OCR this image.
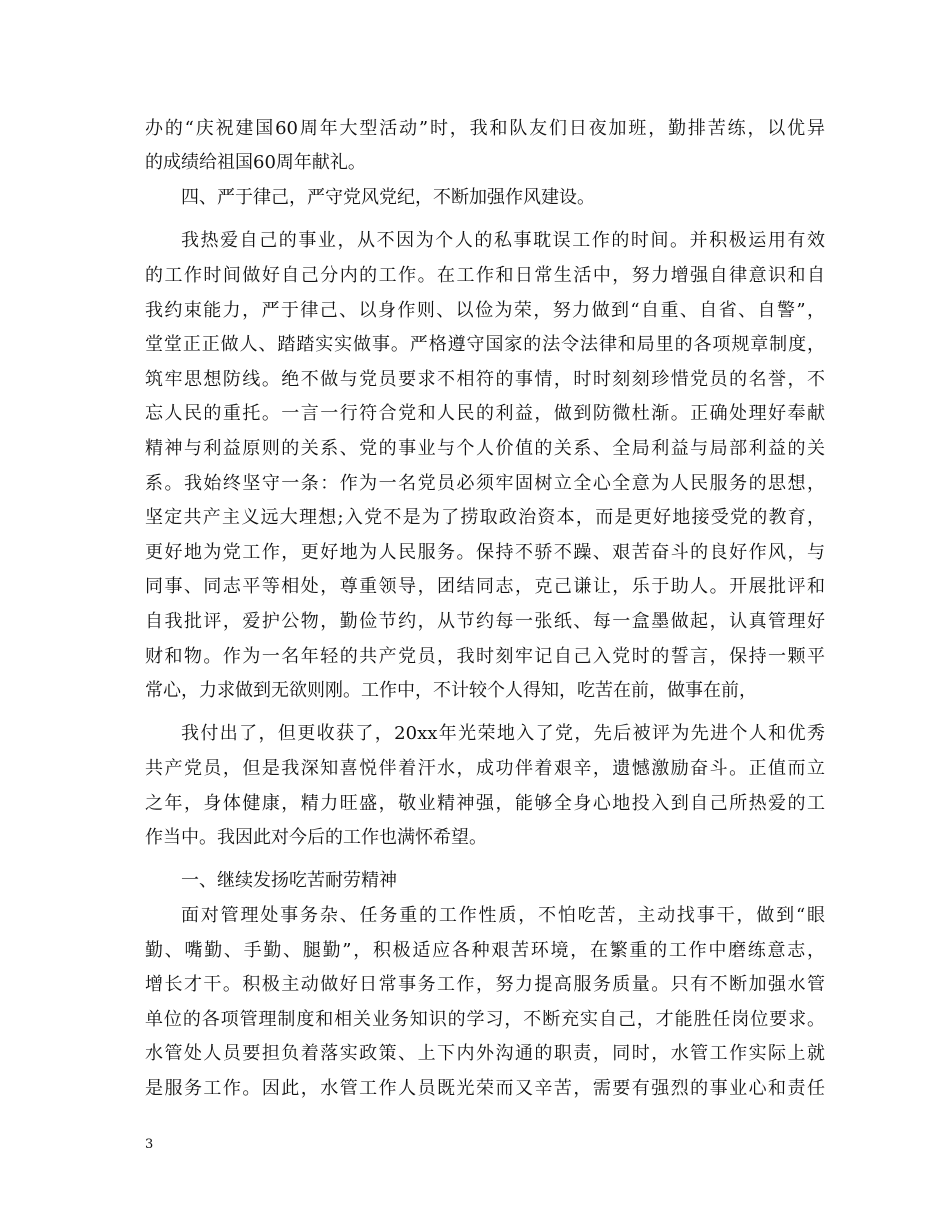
办的“庆祝建国60周年大型活动”时，我和队友们日夜加班，勤排苦练，以优异
的成绩给祖国60周年献礼。
四、严于律己，严守党风党纪，不断加强作风建设。
我热爱自己的事业，从不因为个人的私事耽误工作的时间。并积极运用有效
的工作时间做好自己分内的工作。在工作和日常生活中，努力增强自律意识和自
我约束能力，严于律己、以身作则、以俭为荣，努力做到“自重、自省、自警”，
堂堂正正做人、踏踏实实做事。严格遵守国家的法令法律和局里的各项规章制度，
筑牢思想防线。绝不做与党员要求不相符的事情，时时刻刻珍惜党员的名誉，不
忘人民的重托。一言一行符合党和人民的利益，做到防微杜渐。正确处理好奉献
精神与利益原则的关系、党的事业与个人价值的关系、全局利益与局部利益的关
系。我始终坚守一条：作为一名党员必须牢固树立全心全意为人民服务的思想，
坚定共产主义远大理想;入党不是为了捞取政治资本，而是更好地接受党的教育，
更好地为党工作，更好地为人民服务。保持不骄不躁、艰苦奋斗的良好作风，与
同事、同志平等相处，尊重领导，团结同志，克己谦让，乐于助人。开展批评和
自我批评，爱护公物，勤俭节约，从节约每一张纸、每一盒墨做起，认真管理好
财和物。作为一名年轻的共产党员，我时刻牢记自己入党时的誓言，保持一颗平
常心，力求做到无欲则刚。工作中，不计较个人得知，吃苦在前，做事在前，
我付出了，但更收获了，20xx年光荣地入了党，先后被评为先进个人和优秀
共产党员，但是我深知喜悦伴着汗水，成功伴着艰辛，遗憾激励奋斗。正值而立
之年，身体健康，精力旺盛，敬业精神强，能够全身心地投入到自己所热爱的工
作当中。我因此对今后的工作也满怀希望。
一、继续发扬吃苦耐劳精神
面对管理处事务杂、任务重的工作性质，不怕吃苦，主动找事干，做到“眼
勤、嘴勤、手勤、腿勤”，积极适应各种艰苦环境，在繁重的工作中磨练意志，
增长才干。积极主动做好日常事务工作，努力提高服务质量。只有不断加强水管
单位的各项管理制度和相关业务知识的学习，不断充实自己，才能胜任岗位要求。
水管处人员要担负着落实政策、上下内外沟通的职责，同时，水管工作实际上就
是服务工作。因此，水管工作人员既光荣而又辛苦，需要有强烈的事业心和责任
3
